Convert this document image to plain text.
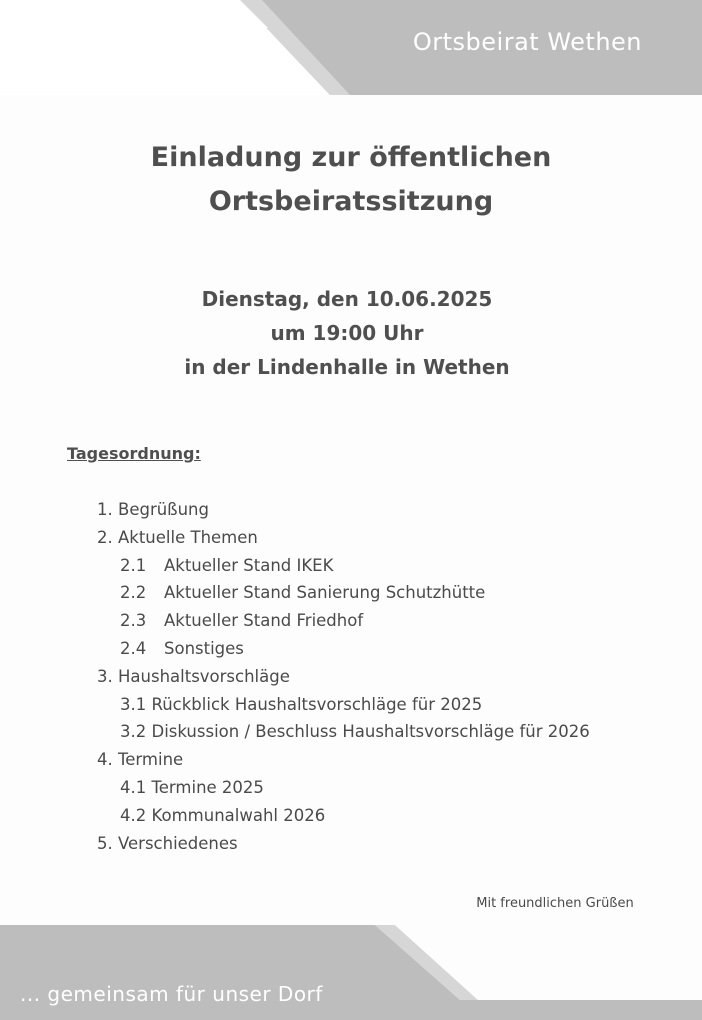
Ortsbeirat Wethen
Einladung zur öffentlichen
Ortsbeiratssitzung
Dienstag, den 10.06.2025
um 19:00 Uhr
in der Lindenhalle in Wethen
Tagesordnung:
1. Begrüßung
2. Aktuelle Themen
2.1 Aktueller Stand IKEK
2.2 Aktueller Stand Sanierung Schutzhütte
2.3 Aktueller Stand Friedhof
2.4 Sonstiges
3. Haushaltsvorschläge
3.1 Rückblick Haushaltsvorschläge für 2025
3.2 Diskussion / Beschluss Haushaltsvorschläge für 2026
4. Termine
4.1 Termine 2025
4.2 Kommunalwahl 2026
5. Verschiedenes
Mit freundlichen Grüßen
... gemeinsam für unser Dorf
